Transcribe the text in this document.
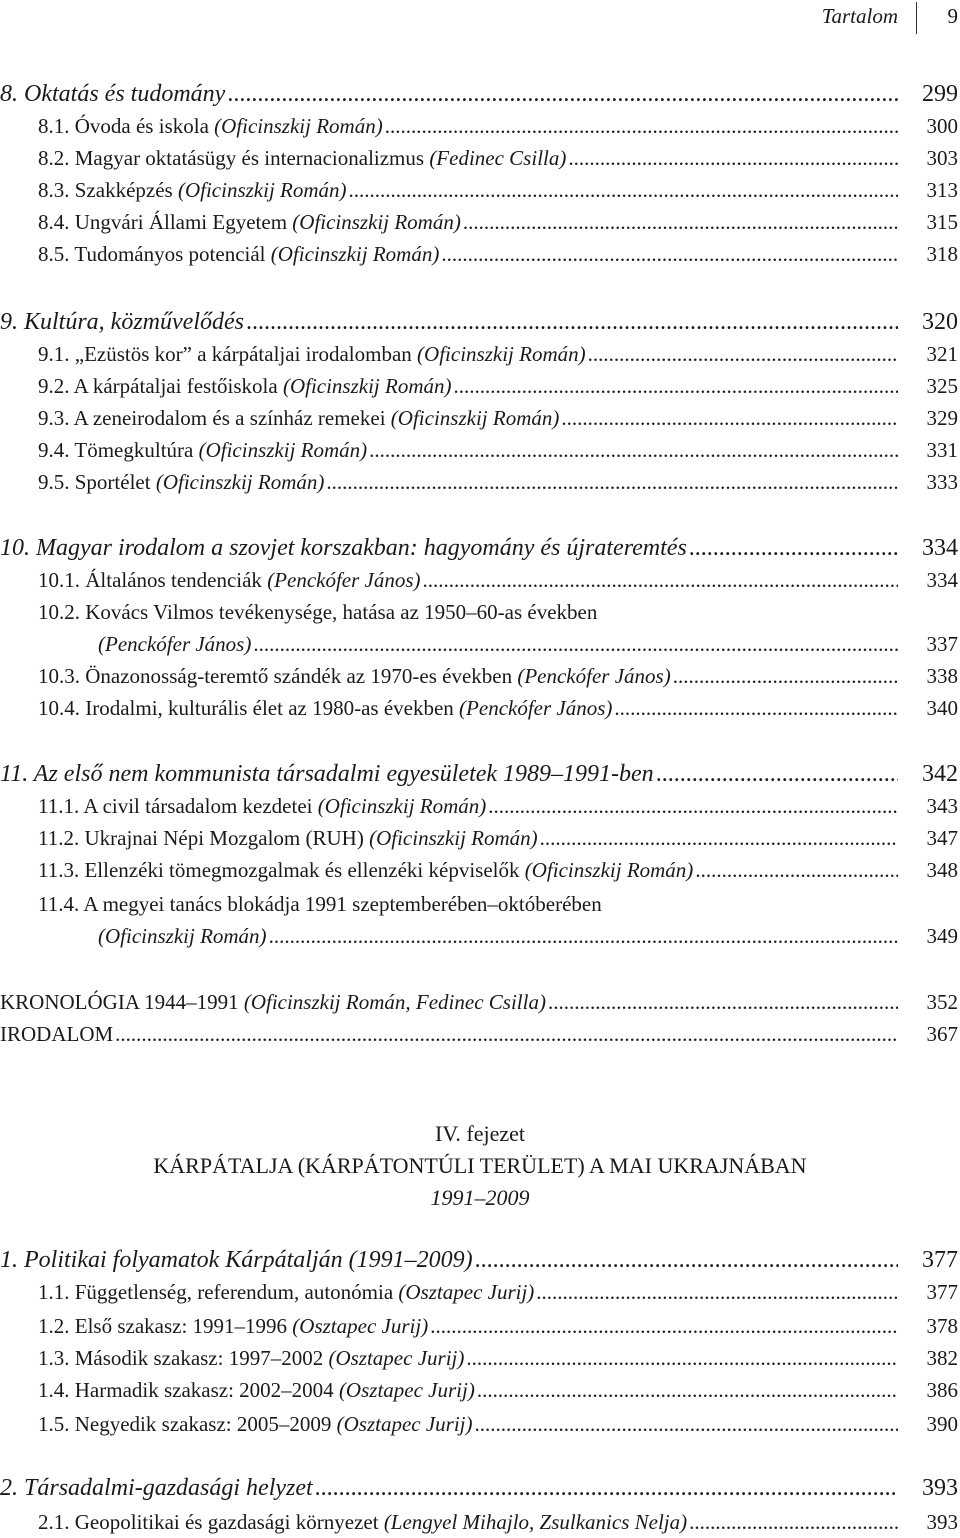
Tartalom 9
8. Oktatás és tudomány .....	299
8.1. Óvoda és iskola (Oficinszkij Román) .....	300
8.2. Magyar oktatásügy és internacionalizmus (Fedinec Csilla) .....	303
8.3. Szakképzés (Oficinszkij Román) .....	313
8.4. Ungvári Állami Egyetem (Oficinszkij Román) .....	315
8.5. Tudományos potenciál (Oficinszkij Román) .....	318
9. Kultúra, közművelődés .....	320
9.1. „Ezüstös kor” a kárpátaljai irodalomban (Oficinszkij Román) .....	321
9.2. A kárpátaljai festőiskola (Oficinszkij Román) .....	325
9.3. A zeneirodalom és a színház remekei (Oficinszkij Román) .....	329
9.4. Tömegkultúra (Oficinszkij Román) .....	331
9.5. Sportélet (Oficinszkij Román) .....	333
10. Magyar irodalom a szovjet korszakban: hagyomány és újrateremtés .....	334
10.1. Általános tendenciák (Penckófer János) .....	334
10.2. Kovács Vilmos tevékenysége, hatása az 1950–60-as években
(Penckófer János) .....	337
10.3. Önazonosság-teremtő szándék az 1970-es években (Penckófer János) .....	338
10.4. Irodalmi, kulturális élet az 1980-as években (Penckófer János) .....	340
11. Az első nem kommunista társadalmi egyesületek 1989–1991-ben .....	342
11.1. A civil társadalom kezdetei (Oficinszkij Román) .....	343
11.2. Ukrajnai Népi Mozgalom (RUH) (Oficinszkij Román) .....	347
11.3. Ellenzéki tömegmozgalmak és ellenzéki képviselők (Oficinszkij Román) .....	348
11.4. A megyei tanács blokádja 1991 szeptemberében–októberében
(Oficinszkij Román) .....	349
KRONOLÓGIA 1944–1991 (Oficinszkij Román, Fedinec Csilla) .....	352
IRODALOM .....	367
IV. fejezet
KÁRPÁTALJA (KÁRPÁTONTÚLI TERÜLET) A MAI UKRAJNÁBAN
1991–2009
1. Politikai folyamatok Kárpátalján (1991–2009) .....	377
1.1. Függetlenség, referendum, autonómia (Osztapec Jurij) .....	377
1.2. Első szakasz: 1991–1996 (Osztapec Jurij) .....	378
1.3. Második szakasz: 1997–2002 (Osztapec Jurij) .....	382
1.4. Harmadik szakasz: 2002–2004 (Osztapec Jurij) .....	386
1.5. Negyedik szakasz: 2005–2009 (Osztapec Jurij) .....	390
2. Társadalmi-gazdasági helyzet .....	393
2.1. Geopolitikai és gazdasági környezet (Lengyel Mihajlo, Zsulkanics Nelja) .....	393
